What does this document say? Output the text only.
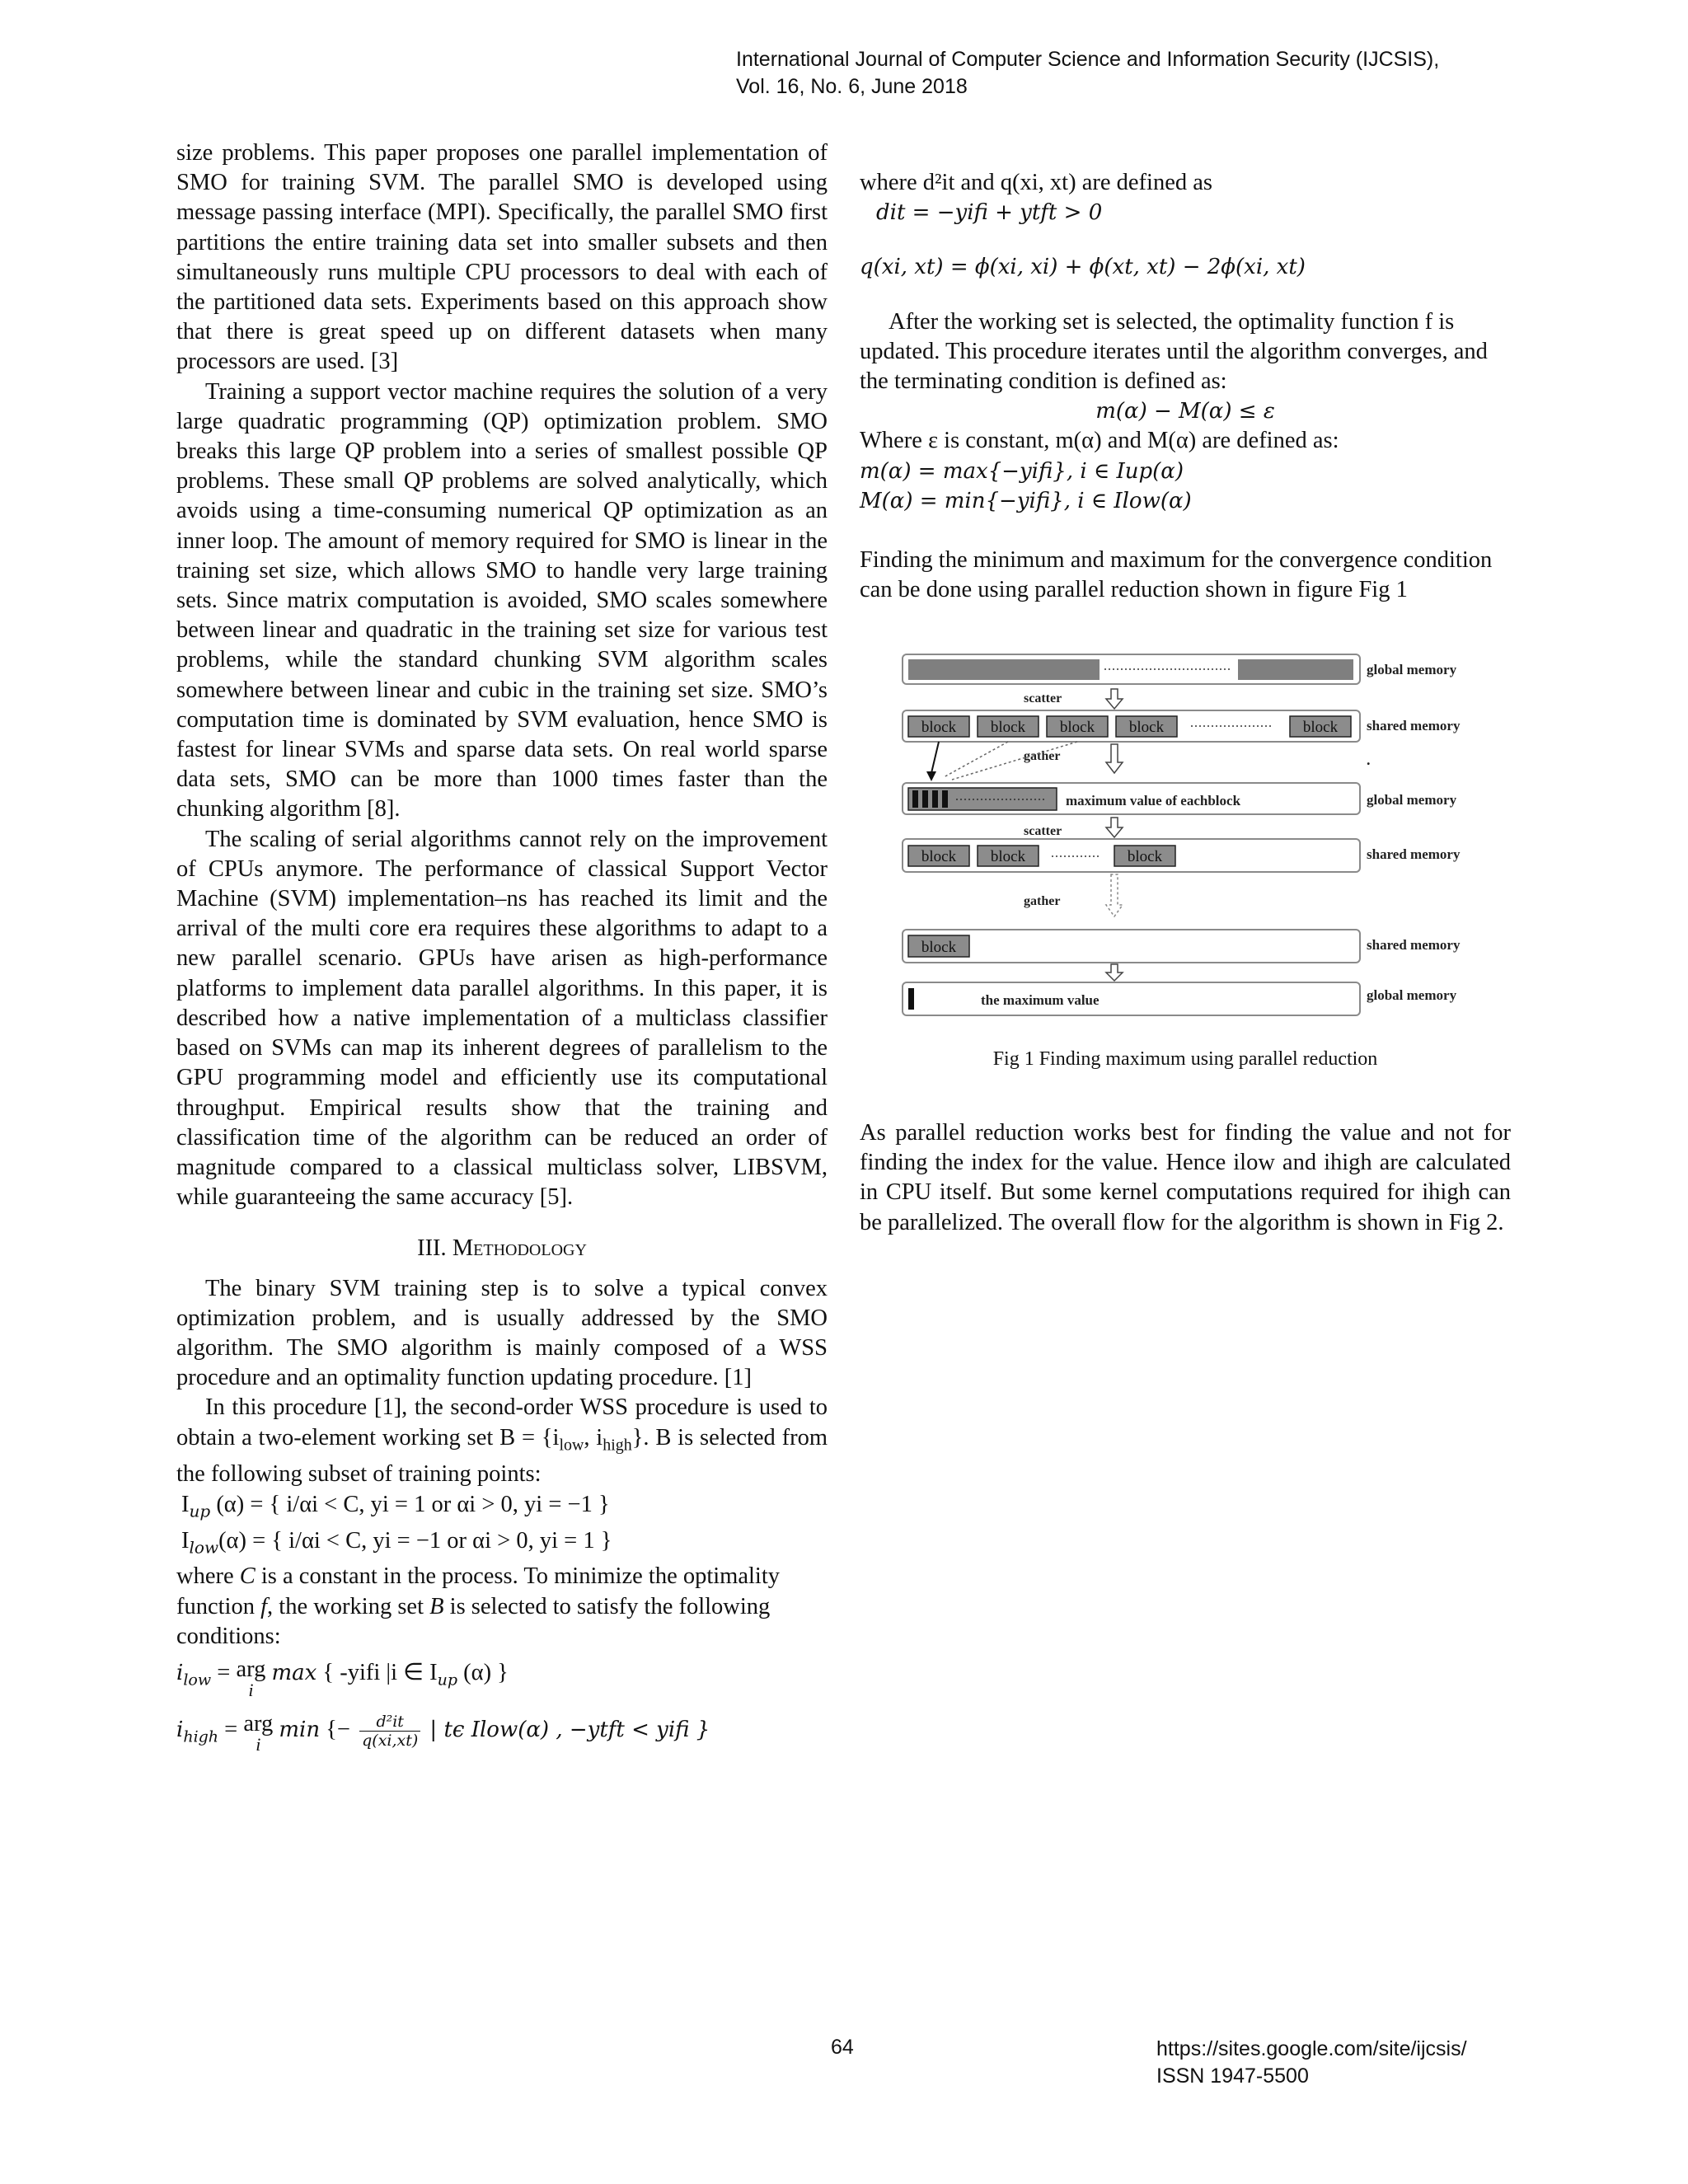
International Journal of Computer Science and Information Security (IJCSIS),
Vol. 16, No. 6, June 2018

size problems. This paper proposes one parallel implementation of SMO for training SVM. The parallel SMO is developed using message passing interface (MPI). Specifically, the parallel SMO first partitions the entire training data set into smaller subsets and then simultaneously runs multiple CPU processors to deal with each of the partitioned data sets. Experiments based on this approach show that there is great speed up on different datasets when many processors are used. [3]

Training a support vector machine requires the solution of a very large quadratic programming (QP) optimization problem. SMO breaks this large QP problem into a series of smallest possible QP problems. These small QP problems are solved analytically, which avoids using a time-consuming numerical QP optimization as an inner loop. The amount of memory required for SMO is linear in the training set size, which allows SMO to handle very large training sets. Since matrix computation is avoided, SMO scales somewhere between linear and quadratic in the training set size for various test problems, while the standard chunking SVM algorithm scales somewhere between linear and cubic in the training set size. SMO’s computation time is dominated by SVM evaluation, hence SMO is fastest for linear SVMs and sparse data sets. On real world sparse data sets, SMO can be more than 1000 times faster than the chunking algorithm [8].

The scaling of serial algorithms cannot rely on the improvement of CPUs anymore. The performance of classical Support Vector Machine (SVM) implementation–ns has reached its limit and the arrival of the multi core era requires these algorithms to adapt to a new parallel scenario. GPUs have arisen as high-performance platforms to implement data parallel algorithms. In this paper, it is described how a native implementation of a multiclass classifier based on SVMs can map its inherent degrees of parallelism to the GPU programming model and efficiently use its computational throughput. Empirical results show that the training and classification time of the algorithm can be reduced an order of magnitude compared to a classical multiclass solver, LIBSVM, while guaranteeing the same accuracy [5].

III. Methodology

The binary SVM training step is to solve a typical convex optimization problem, and is usually addressed by the SMO algorithm. The SMO algorithm is mainly composed of a WSS procedure and an optimality function updating procedure. [1]

In this procedure [1], the second-order WSS procedure is used to obtain a two-element working set $B = \{i_{low}$, $i_{high}$}. B is selected from the following subset of training points:

$I_{up}$ (α) = { i/αi < C, yi = 1 or αi > 0, yi = −1 }

$I_{low}(\alpha)$ = { i/αi < C, yi = −1 or αi > 0, yi = 1 }

where C is a constant in the process. To minimize the optimality function f, the working set B is selected to satisfy the following conditions:

$i_{low}$ = arg
i
max { -yifi |i ∈ $I_{up}$ (α) }
$i_{high}$ = arg
i
min {− $\frac{\text{d²it}}{q(xi,xt)}$ | tϵ Ilow(α) , −ytft < yifi }

where d²it and q(xi, xt) are defined as

dit = −yifi + ytft > 0

q(xi, xt) = ϕ(xi, xi) + ϕ(xt, xt) − 2ϕ(xi, xt)

After the working set is selected, the optimality function f is updated. This procedure iterates until the algorithm converges, and the terminating condition is defined as:

m(α) − M(α) ≤ ε

Where ε is constant, m(α) and M(α) are defined as:

m(α) = max{−yifi}, i ∈ Iup(α)

M(α) = min{−yifi}, i ∈ Ilow(α)

Finding the minimum and maximum for the convergence condition can be done using parallel reduction shown in figure Fig 1

global memory
scatter
block block block block	block shared memory
gather	.
maximum value of eachblock	global memory
scatter
block block	block	shared memory
gather
block	shared memory
the maximum value	global memory
Fig 1 Finding maximum using parallel reduction

As parallel reduction works best for finding the value and not for finding the index for the value. Hence ilow and ihigh are calculated in CPU itself. But some kernel computations required for ihigh can be parallelized. The overall flow for the algorithm is shown in Fig 2.

64	https://sites.google.com/site/ijcsis/
ISSN 1947-5500
